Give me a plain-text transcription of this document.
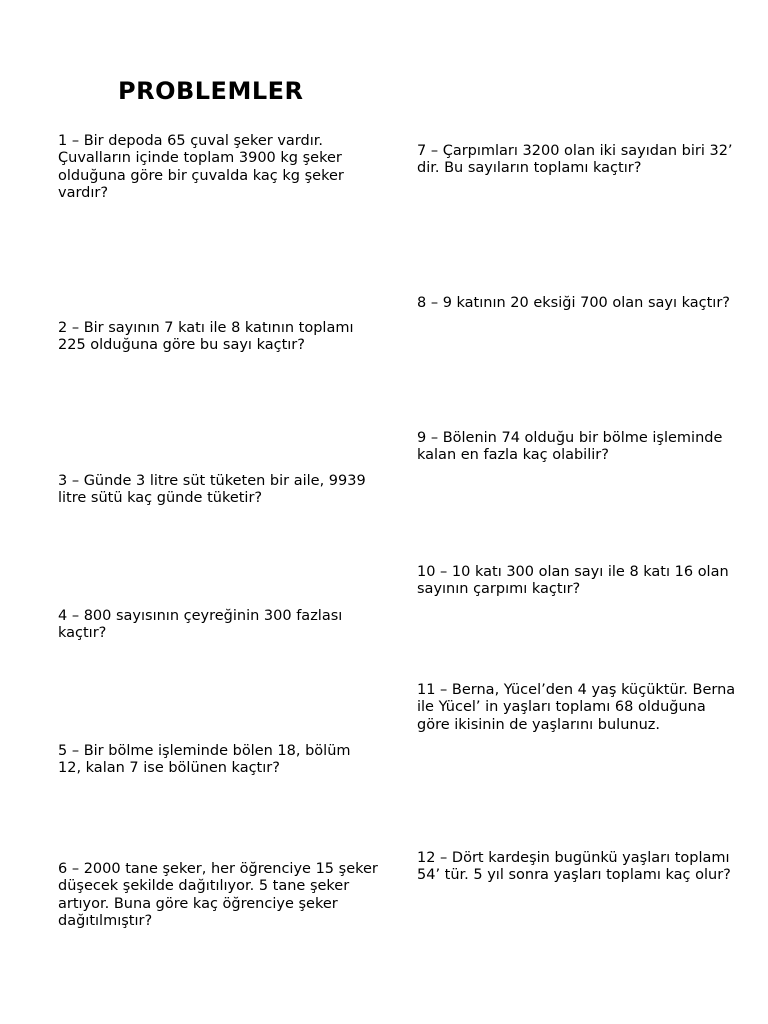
PROBLEMLER

1 – Bir depoda 65 çuval şeker vardır. Çuvalların içinde toplam 3900 kg şeker olduğuna göre bir çuvalda kaç kg şeker vardır?

2 – Bir sayının 7 katı ile 8 katının toplamı 225 olduğuna göre bu sayı kaçtır?

3 – Günde 3 litre süt tüketen bir aile, 9939 litre sütü kaç günde tüketir?

4 – 800 sayısının çeyreğinin 300 fazlası kaçtır?

5 – Bir bölme işleminde bölen 18, bölüm 12, kalan 7 ise bölünen kaçtır?

6 – 2000 tane şeker, her öğrenciye 15 şeker düşecek şekilde dağıtılıyor. 5 tane şeker artıyor. Buna göre kaç öğrenciye şeker dağıtılmıştır?

7 – Çarpımları 3200 olan iki sayıdan biri 32’ dir. Bu sayıların toplamı kaçtır?

8 – 9 katının 20 eksiği 700 olan sayı kaçtır?

9 – Bölenin 74 olduğu bir bölme işleminde kalan en fazla kaç olabilir?

10 – 10 katı 300 olan sayı ile 8 katı 16 olan sayının çarpımı kaçtır?

11 – Berna, Yücel’den 4 yaş küçüktür. Berna ile Yücel’ in yaşları toplamı 68 olduğuna göre ikisinin de yaşlarını bulunuz.

12 – Dört kardeşin bugünkü yaşları toplamı 54’ tür. 5 yıl sonra yaşları toplamı kaç olur?
